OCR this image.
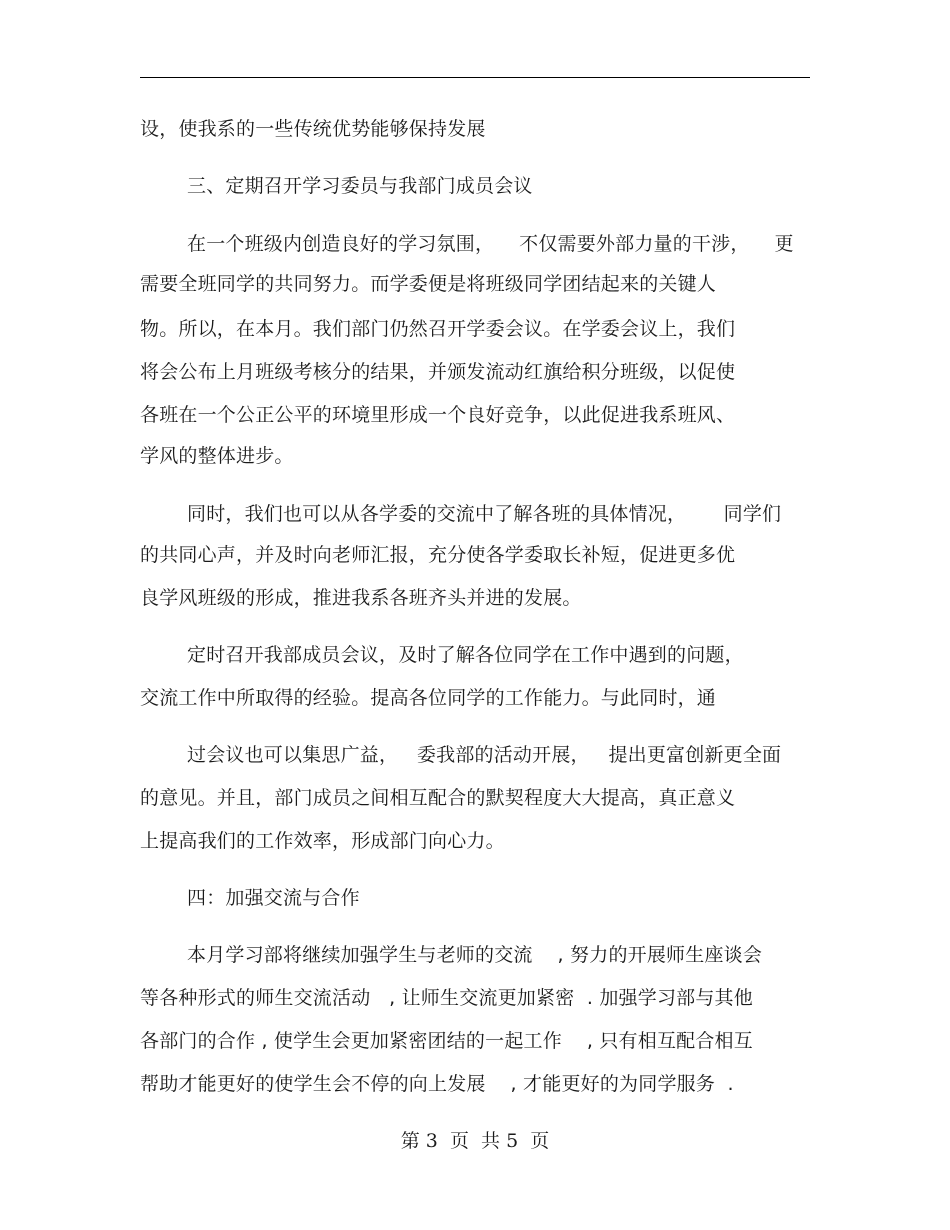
设，使我系的一些传统优势能够保持发展
三、定期召开学习委员与我部门成员会议
在一个班级内创造良好的学习氛围，    不仅需要外部力量的干涉，    更
需要全班同学的共同努力。而学委便是将班级同学团结起来的关键人
物。所以，在本月。我们部门仍然召开学委会议。在学委会议上，我们
将会公布上月班级考核分的结果，并颁发流动红旗给积分班级，以促使
各班在一个公正公平的环境里形成一个良好竞争，以此促进我系班风、
学风的整体进步。
同时，我们也可以从各学委的交流中了解各班的具体情况，      同学们
的共同心声，并及时向老师汇报，充分使各学委取长补短，促进更多优
良学风班级的形成，推进我系各班齐头并进的发展。
定时召开我部成员会议，及时了解各位同学在工作中遇到的问题，
交流工作中所取得的经验。提高各位同学的工作能力。与此同时，通
过会议也可以集思广益，   委我部的活动开展，   提出更富创新更全面
的意见。并且，部门成员之间相互配合的默契程度大大提高，真正意义
上提高我们的工作效率，形成部门向心力。
四：加强交流与合作
本月学习部将继续加强学生与老师的交流    , 努力的开展师生座谈会
等各种形式的师生交流活动   , 让师生交流更加紧密  . 加强学习部与其他
各部门的合作 , 使学生会更加紧密团结的一起工作    , 只有相互配合相互
帮助才能更好的使学生会不停的向上发展    , 才能更好的为同学服务  .
第 3  页  共 5  页
